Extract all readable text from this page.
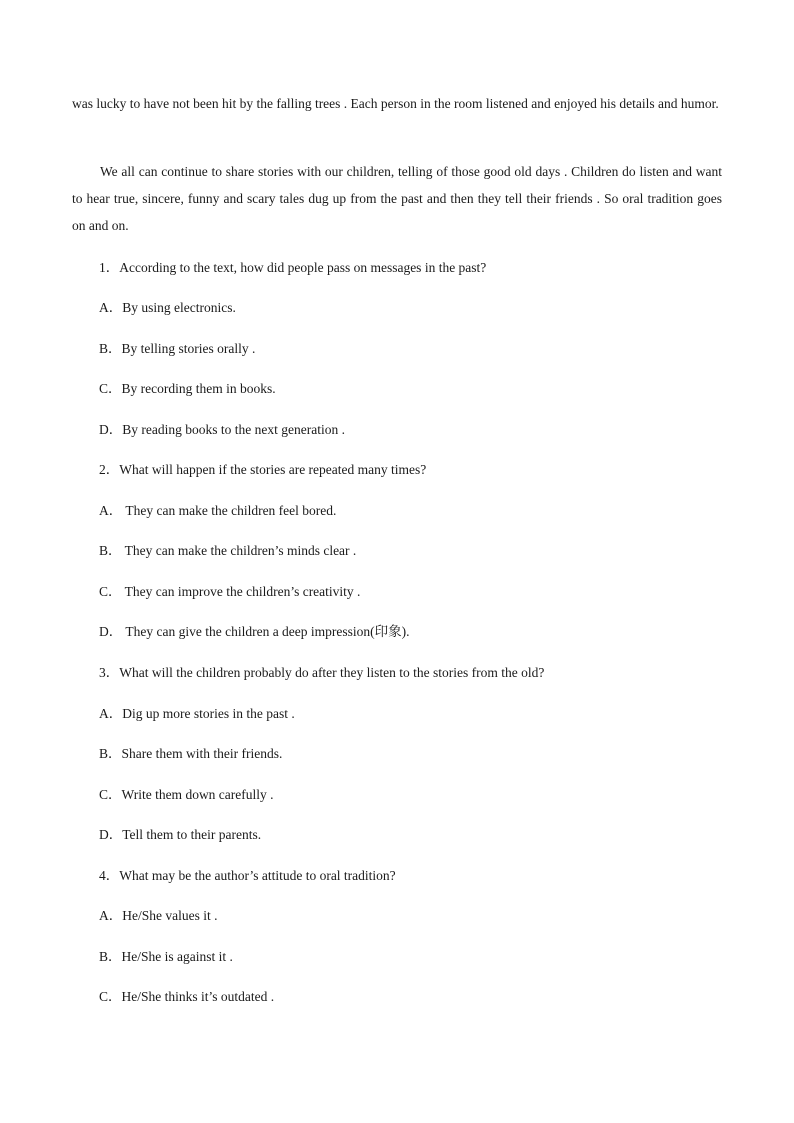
was lucky to have not been hit by the falling trees . Each person in the room listened and enjoyed his details and humor.

We all can continue to share stories with our children, telling of those good old days . Children do listen and want to hear true, sincere, funny and scary tales dug up from the past and then they tell their friends . So oral tradition goes on and on.

1．According to the text, how did people pass on messages in the past?

A．By using electronics.

B．By telling stories orally .

C．By recording them in books.

D．By reading books to the next generation .

2．What will happen if the stories are repeated many times?

A． They can make the children feel bored.

B． They can make the children’s minds clear .

C． They can improve the children’s creativity .

D． They can give the children a deep impression(印象).

3．What will the children probably do after they listen to the stories from the old?

A．Dig up more stories in the past .

B．Share them with their friends.

C．Write them down carefully .

D．Tell them to their parents.

4．What may be the author’s attitude to oral tradition?

A．He/She values it .

B．He/She is against it .

C．He/She thinks it’s outdated .
